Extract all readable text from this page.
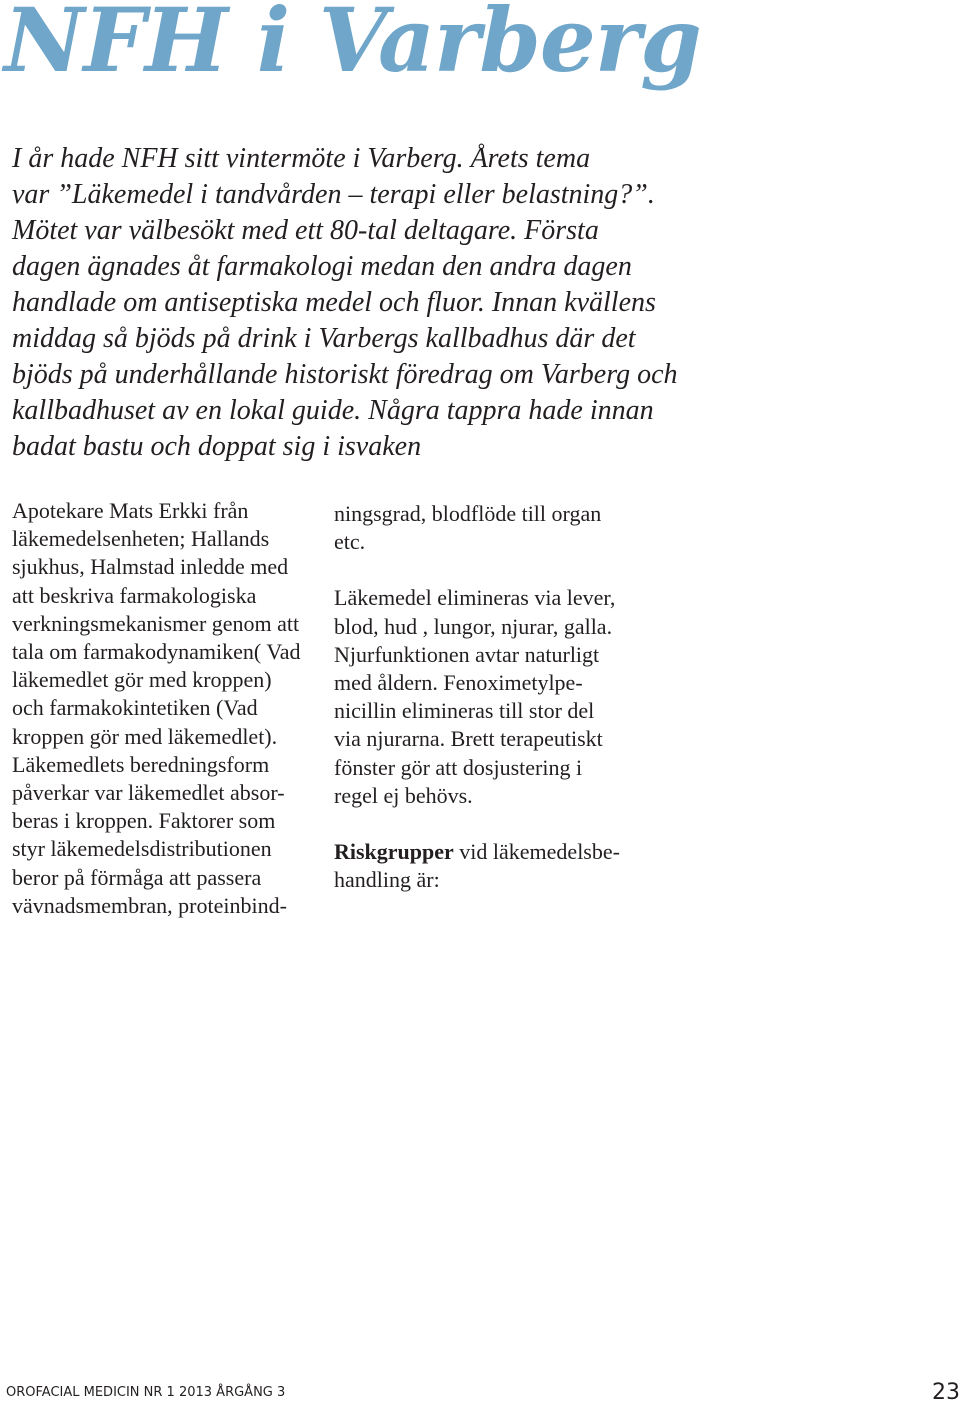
NFH i Varberg
I år hade NFH sitt vintermöte i Varberg. Årets tema
var ”Läkemedel i tandvården – terapi eller belastning?”.
Mötet var välbesökt med ett 80-tal deltagare. Första
dagen ägnades åt farmakologi medan den andra dagen
handlade om antiseptiska medel och fluor. Innan kvällens
middag så bjöds på drink i Varbergs kallbadhus där det
bjöds på underhållande historiskt föredrag om Varberg och
kallbadhuset av en lokal guide. Några tappra hade innan
badat bastu och doppat sig i isvaken
Apotekare Mats Erkki från
läkemedelsenheten; Hallands
sjukhus, Halmstad inledde med
att beskriva farmakologiska
verkningsmekanismer genom att
tala om farmakodynamiken( Vad
läkemedlet gör med kroppen)
och farmakokintetiken (Vad
kroppen gör med läkemedlet).
Läkemedlets beredningsform
påverkar var läkemedlet absor-
beras i kroppen. Faktorer som
styr läkemedelsdistributionen
beror på förmåga att passera
vävnadsmembran, proteinbind-
ningsgrad, blodflöde till organ
etc.
Läkemedel elimineras via lever,
blod, hud , lungor, njurar, galla.
Njurfunktionen avtar naturligt
med åldern. Fenoximetylpe-
nicillin elimineras till stor del
via njurarna. Brett terapeutiskt
fönster gör att dosjustering i
regel ej behövs.
Riskgrupper vid läkemedelsbe-
handling är:

OROFACIAL MEDICIN NR 1 2013 ÅRGÅNG 3	23
